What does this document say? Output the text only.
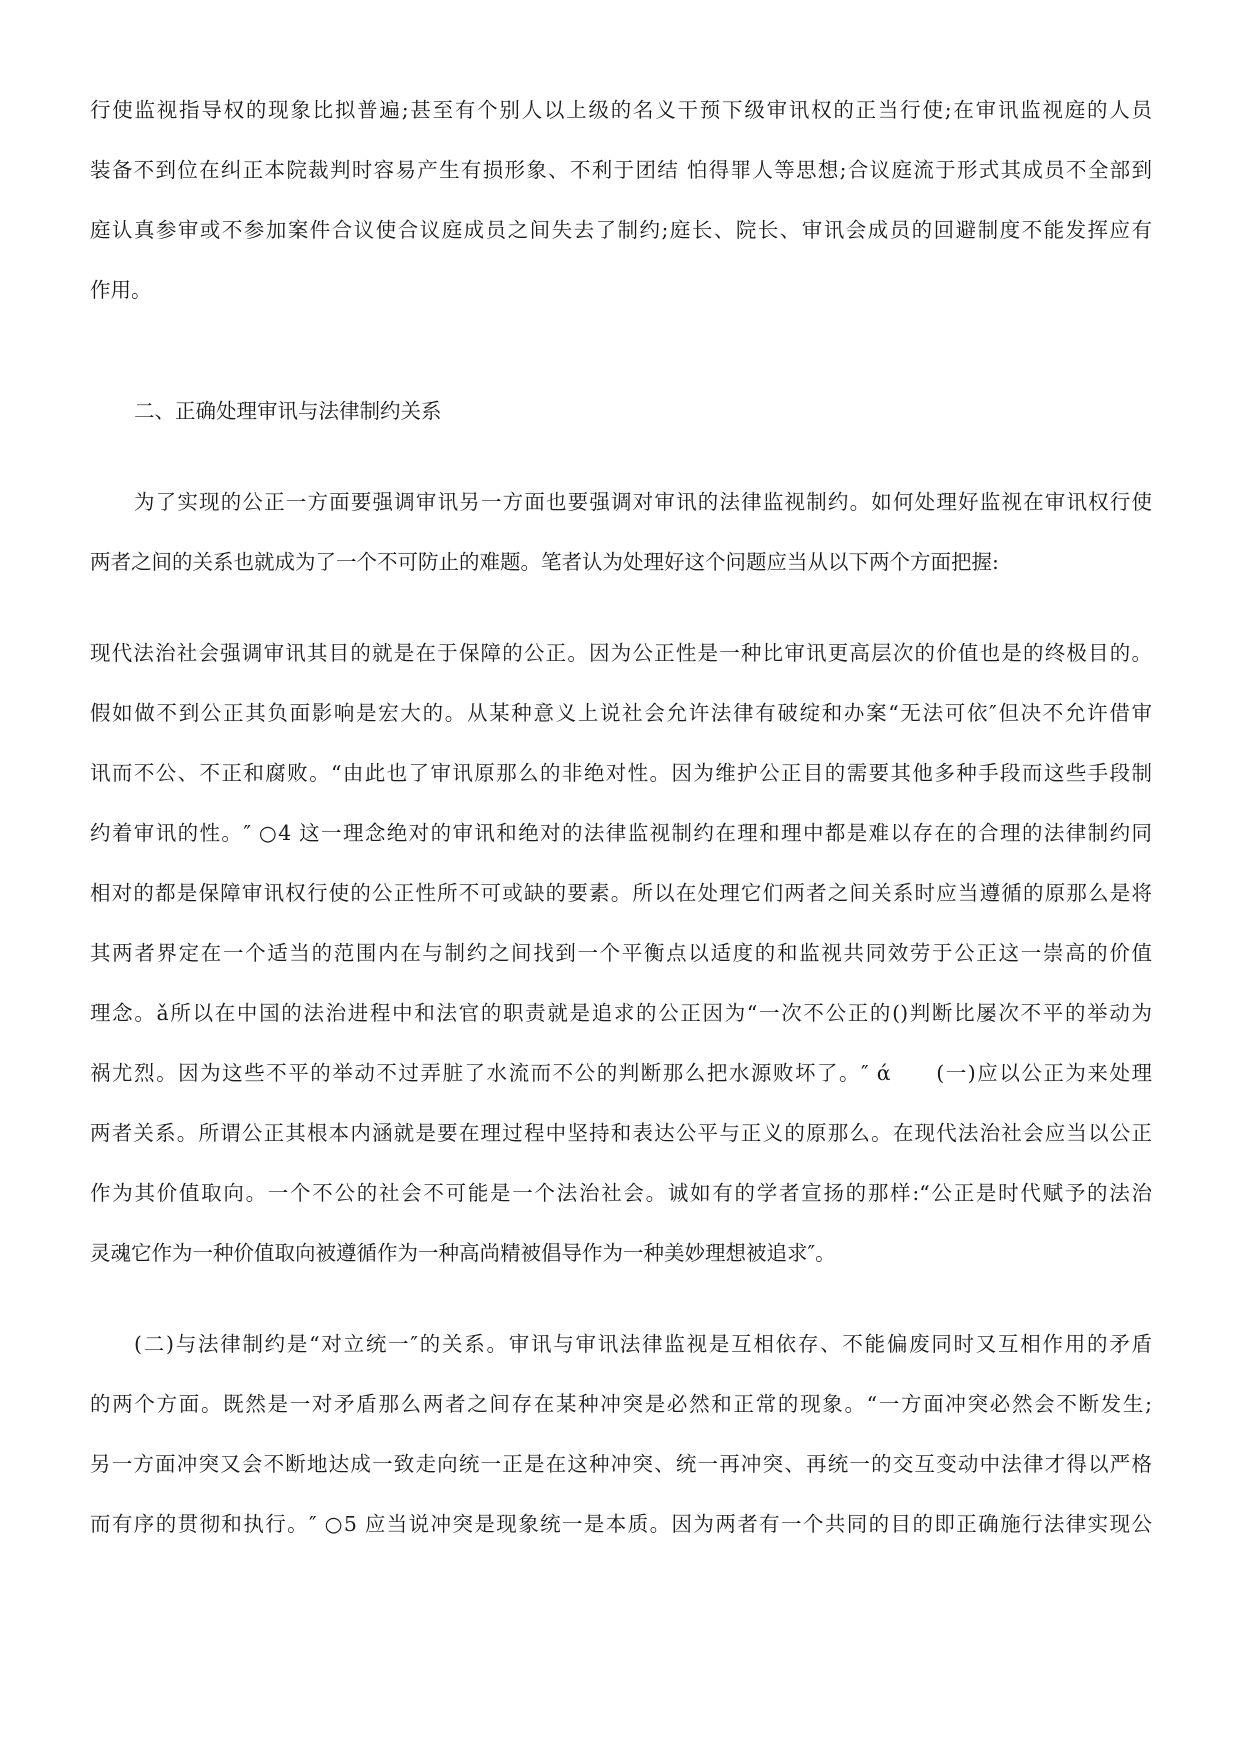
行使监视指导权的现象比拟普遍;甚至有个别人以上级的名义干预下级审讯权的正当行使;在审讯监视庭的人员
装备不到位在纠正本院裁判时容易产生有损形象、不利于团结 怕得罪人等思想;合议庭流于形式其成员不全部到
庭认真参审或不参加案件合议使合议庭成员之间失去了制约;庭长、院长、审讯会成员的回避制度不能发挥应有
作用。
二、正确处理审讯与法律制约关系
为了实现的公正一方面要强调审讯另一方面也要强调对审讯的法律监视制约。如何处理好监视在审讯权行使
两者之间的关系也就成为了一个不可防止的难题。笔者认为处理好这个问题应当从以下两个方面把握:
现代法治社会强调审讯其目的就是在于保障的公正。因为公正性是一种比审讯更高层次的价值也是的终极目的。
假如做不到公正其负面影响是宏大的。从某种意义上说社会允许法律有破绽和办案“无法可依″但决不允许借审
讯而不公、不正和腐败。“由此也了审讯原那么的非绝对性。因为维护公正目的需要其他多种手段而这些手段制
约着审讯的性。″ ○4 这一理念绝对的审讯和绝对的法律监视制约在理和理中都是难以存在的合理的法律制约同
相对的都是保障审讯权行使的公正性所不可或缺的要素。所以在处理它们两者之间关系时应当遵循的原那么是将
其两者界定在一个适当的范围内在与制约之间找到一个平衡点以适度的和监视共同效劳于公正这一崇高的价值
理念。ǎ所以在中国的法治进程中和法官的职责就是追求的公正因为“一次不公正的()判断比屡次不平的举动为
祸尤烈。因为这些不平的举动不过弄脏了水流而不公的判断那么把水源败坏了。″ ά　　(一)应以公正为来处理
两者关系。所谓公正其根本内涵就是要在理过程中坚持和表达公平与正义的原那么。在现代法治社会应当以公正
作为其价值取向。一个不公的社会不可能是一个法治社会。诚如有的学者宣扬的那样:“公正是时代赋予的法治
灵魂它作为一种价值取向被遵循作为一种高尚精被倡导作为一种美妙理想被追求″。
(二)与法律制约是“对立统一″的关系。审讯与审讯法律监视是互相依存、不能偏废同时又互相作用的矛盾
的两个方面。既然是一对矛盾那么两者之间存在某种冲突是必然和正常的现象。“一方面冲突必然会不断发生;
另一方面冲突又会不断地达成一致走向统一正是在这种冲突、统一再冲突、再统一的交互变动中法律才得以严格
而有序的贯彻和执行。″ ○5 应当说冲突是现象统一是本质。因为两者有一个共同的目的即正确施行法律实现公
